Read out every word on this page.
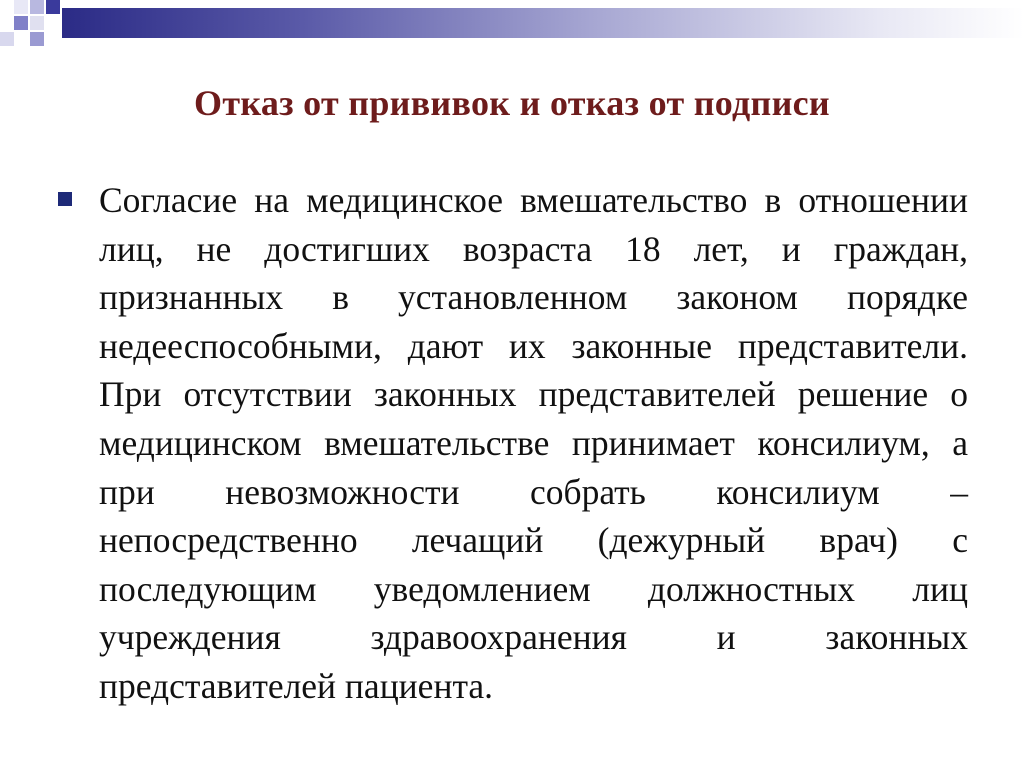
Отказ от прививок и отказ от подписи
Согласие на медицинское вмешательство в отношении лиц, не достигших возраста 18 лет, и граждан, признанных в установленном законом порядке недееспособными, дают их законные представители. При отсутствии законных представителей решение о медицинском вмешательстве принимает консилиум, а при невозможности собрать консилиум – непосредственно лечащий (дежурный врач) с последующим уведомлением должностных лиц учреждения здравоохранения и законных представителей пациента.
